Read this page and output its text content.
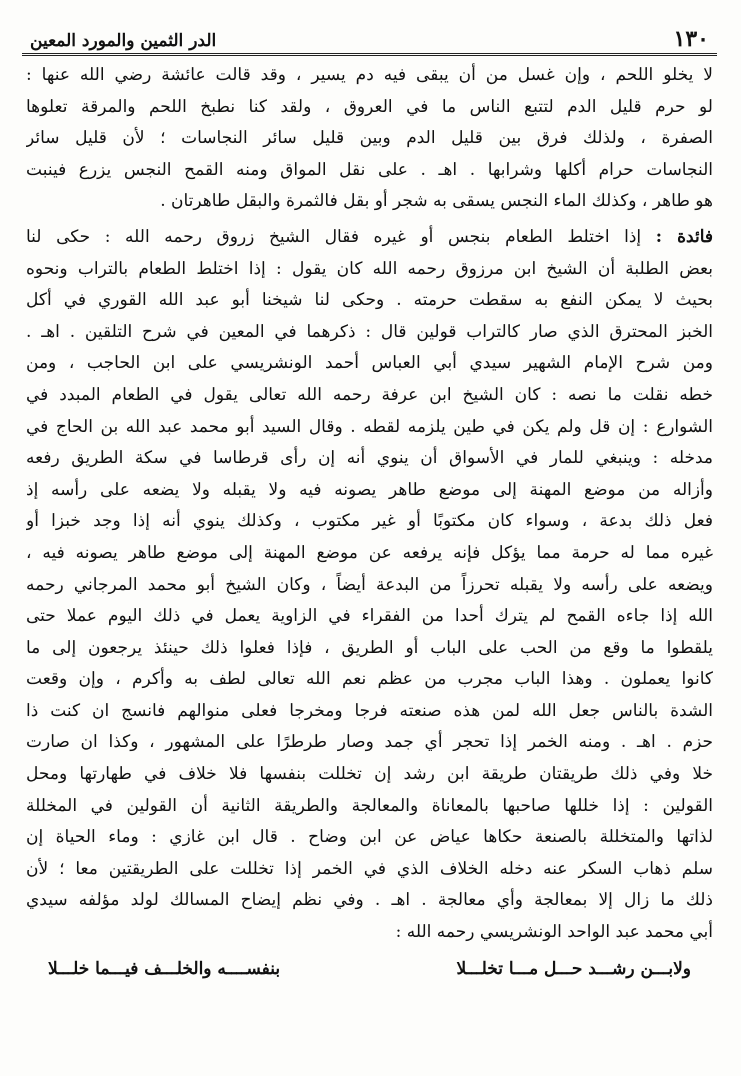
١٣٠
الدر الثمين والمورد المعين
لا يخلو اللحم ، وإن غسل من أن يبقى فيه دم يسير ، وقد قالت عائشة رضي الله عنها :
لو حرم قليل الدم لتتبع الناس ما في العروق ، ولقد كنا نطبخ اللحم والمرقة تعلوها
الصفرة ، ولذلك فرق بين قليل الدم وبين قليل سائر النجاسات ؛ لأن قليل سائر
النجاسات حرام أكلها وشرابها . اهـ . على نقل المواق ومنه القمح النجس يزرع فينبت
هو طاهر ، وكذلك الماء النجس يسقى به شجر أو بقل فالثمرة والبقل طاهرتان .
فائدة : إذا اختلط الطعام بنجس أو غيره فقال الشيخ زروق رحمه الله : حكى لنا
بعض الطلبة أن الشيخ ابن مرزوق رحمه الله كان يقول : إذا اختلط الطعام بالتراب ونحوه
بحيث لا يمكن النفع به سقطت حرمته . وحكى لنا شيخنا أبو عبد الله القوري في أكل
الخبز المحترق الذي صار كالتراب قولين قال : ذكرهما في المعين في شرح التلقين . اهـ .
ومن شرح الإمام الشهير سيدي أبي العباس أحمد الونشريسي على ابن الحاجب ، ومن
خطه نقلت ما نصه : كان الشيخ ابن عرفة رحمه الله تعالى يقول في الطعام المبدد في
الشوارع : إن قل ولم يكن في طين يلزمه لقطه . وقال السيد أبو محمد عبد الله بن الحاج في
مدخله : وينبغي للمار في الأسواق أن ينوي أنه إن رأى قرطاسا في سكة الطريق رفعه
وأزاله من موضع المهنة إلى موضع طاهر يصونه فيه ولا يقبله ولا يضعه على رأسه إذ
فعل ذلك بدعة ، وسواء كان مكتوبًا أو غير مكتوب ، وكذلك ينوي أنه إذا وجد خبزا أو
غيره مما له حرمة مما يؤكل فإنه يرفعه عن موضع المهنة إلى موضع طاهر يصونه فيه ،
ويضعه على رأسه ولا يقبله تحرزاً من البدعة أيضاً ، وكان الشيخ أبو محمد المرجاني رحمه
الله إذا جاءه القمح لم يترك أحدا من الفقراء في الزاوية يعمل في ذلك اليوم عملا حتى
يلقطوا ما وقع من الحب على الباب أو الطريق ، فإذا فعلوا ذلك حينئذ يرجعون إلى ما
كانوا يعملون . وهذا الباب مجرب من عظم نعم الله تعالى لطف به وأكرم ، وإن وقعت
الشدة بالناس جعل الله لمن هذه صنعته فرجا ومخرجا فعلى منوالهم فانسج ان كنت ذا
حزم . اهـ . ومنه الخمر إذا تحجر أي جمد وصار طرطرًا على المشهور ، وكذا ان صارت
خلا وفي ذلك طريقتان طريقة ابن رشد إن تخللت بنفسها فلا خلاف في طهارتها ومحل
القولين : إذا خللها صاحبها بالمعاناة والمعالجة والطريقة الثانية أن القولين في المخللة
لذاتها والمتخللة بالصنعة حكاها عياض عن ابن وضاح . قال ابن غازي : وماء الحياة إن
سلم ذهاب السكر عنه دخله الخلاف الذي في الخمر إذا تخللت على الطريقتين معا ؛ لأن
ذلك ما زال إلا بمعالجة وأي معالجة . اهـ . وفي نظم إيضاح المسالك لولد مؤلفه سيدي
أبي محمد عبد الواحد الونشريسي رحمه الله :
ولابـــن رشـــد حـــل مـــا تخلـــلا
بنفســــه والخلـــف فيـــما خلـــلا
